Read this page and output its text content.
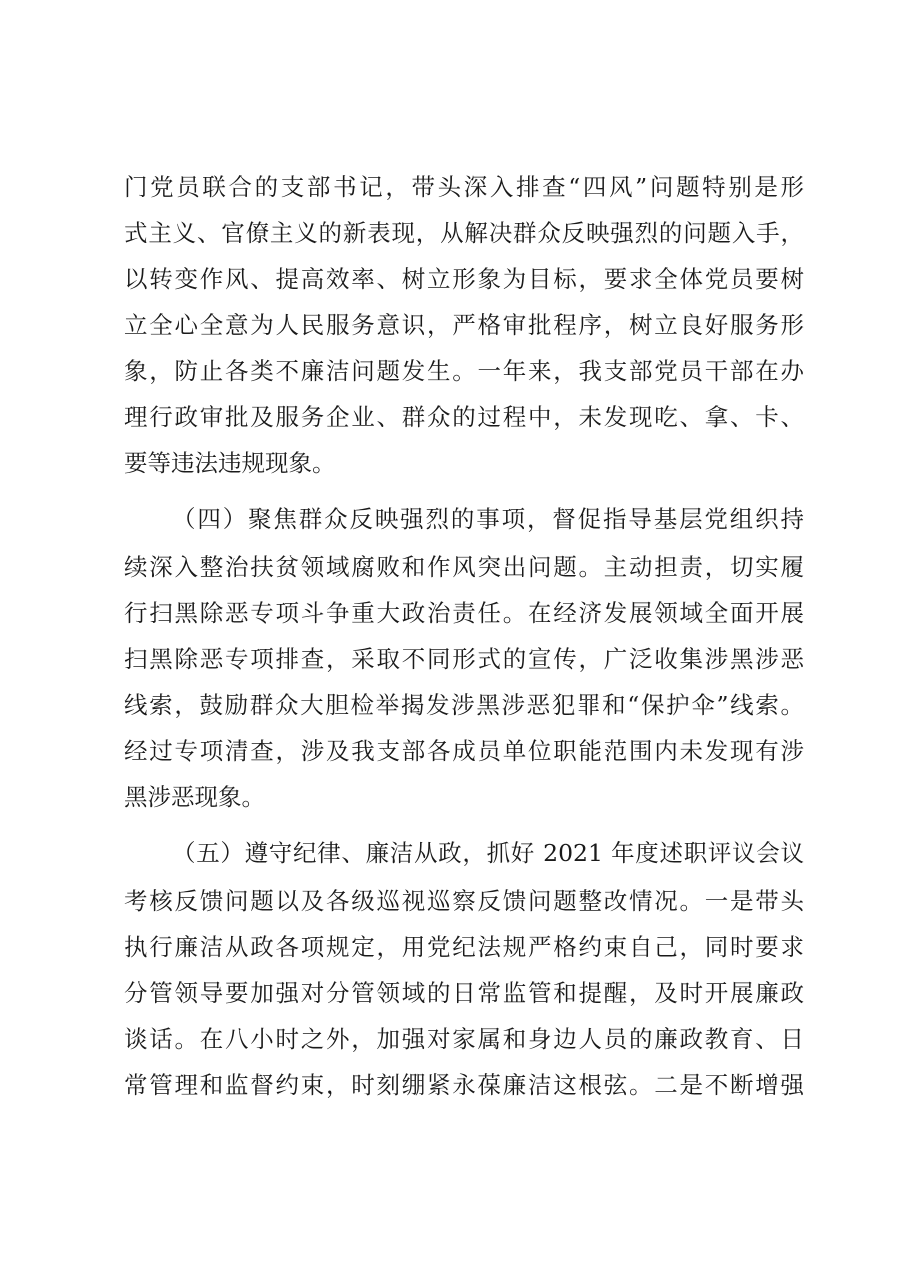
门党员联合的支部书记，带头深入排查“四风”问题特别是形
式主义、官僚主义的新表现，从解决群众反映强烈的问题入手，
以转变作风、提高效率、树立形象为目标，要求全体党员要树
立全心全意为人民服务意识，严格审批程序，树立良好服务形
象，防止各类不廉洁问题发生。一年来，我支部党员干部在办
理行政审批及服务企业、群众的过程中，未发现吃、拿、卡、
要等违法违规现象。
（四）聚焦群众反映强烈的事项，督促指导基层党组织持
续深入整治扶贫领域腐败和作风突出问题。主动担责，切实履
行扫黑除恶专项斗争重大政治责任。在经济发展领域全面开展
扫黑除恶专项排查，采取不同形式的宣传，广泛收集涉黑涉恶
线索，鼓励群众大胆检举揭发涉黑涉恶犯罪和“保护伞”线索。
经过专项清查，涉及我支部各成员单位职能范围内未发现有涉
黑涉恶现象。
（五）遵守纪律、廉洁从政，抓好 2021 年度述职评议会议
考核反馈问题以及各级巡视巡察反馈问题整改情况。一是带头
执行廉洁从政各项规定，用党纪法规严格约束自己，同时要求
分管领导要加强对分管领域的日常监管和提醒，及时开展廉政
谈话。在八小时之外，加强对家属和身边人员的廉政教育、日
常管理和监督约束，时刻绷紧永葆廉洁这根弦。二是不断增强
